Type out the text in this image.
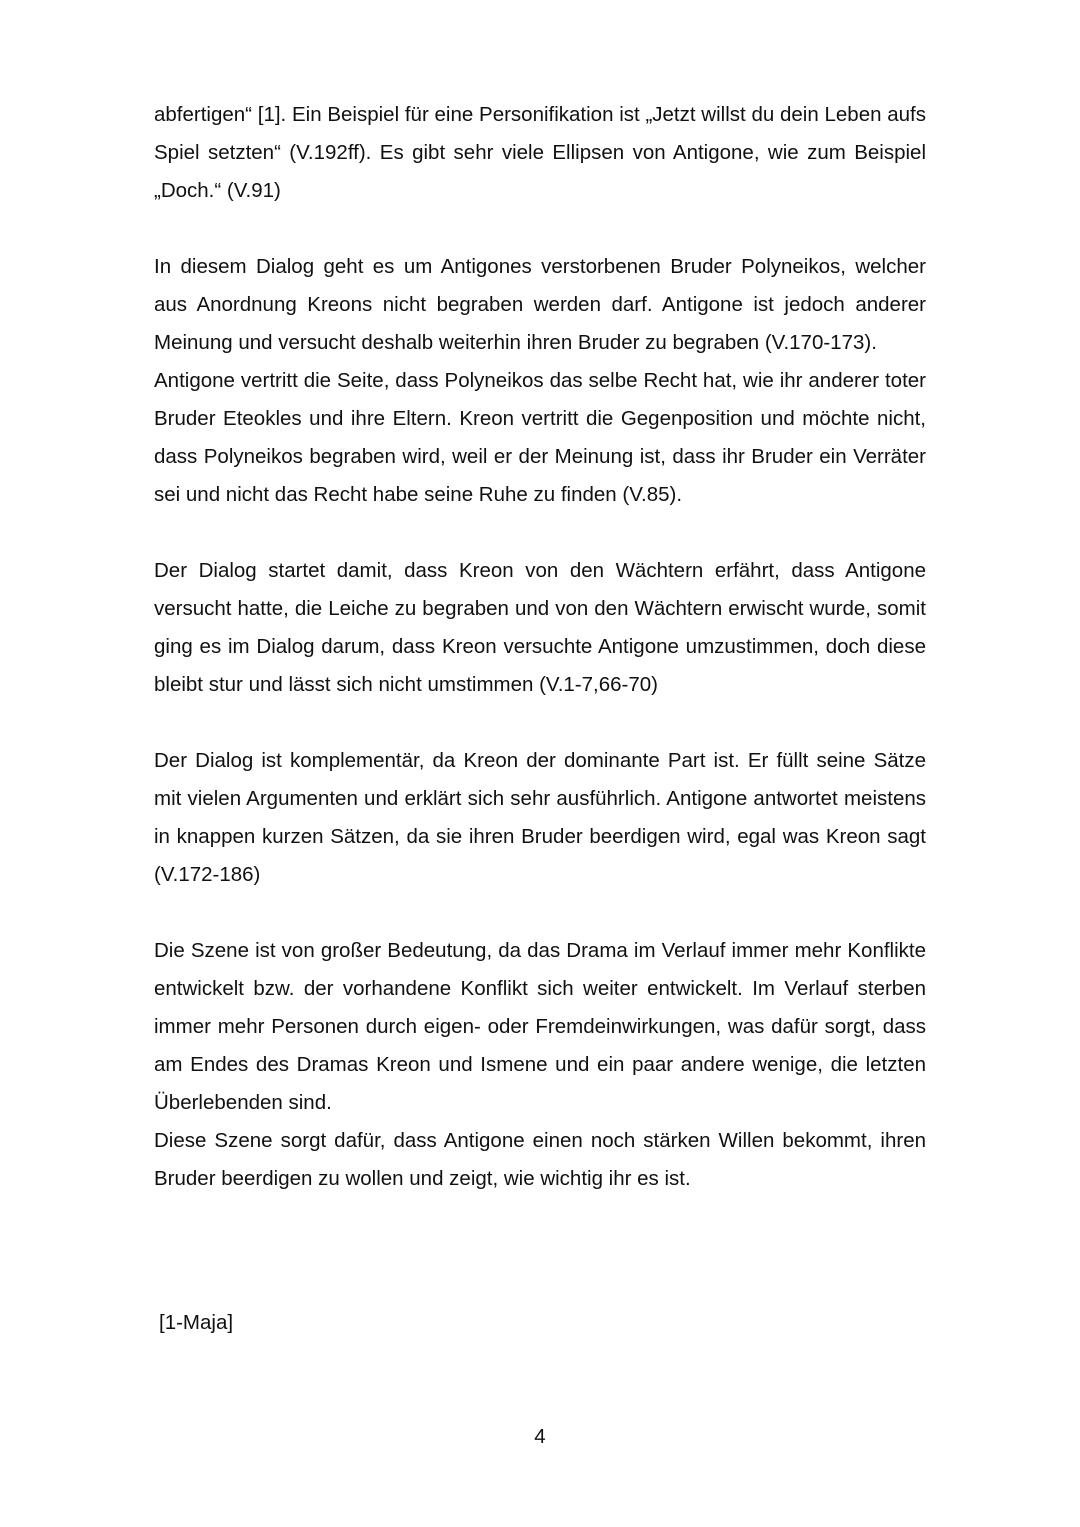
abfertigen“ [1]. Ein Beispiel für eine Personifikation ist „Jetzt willst du dein Leben aufs Spiel setzten“ (V.192ff). Es gibt sehr viele Ellipsen von Antigone, wie zum Beispiel „Doch.“ (V.91)

In diesem Dialog geht es um Antigones verstorbenen Bruder Polyneikos, welcher aus Anordnung Kreons nicht begraben werden darf. Antigone ist jedoch anderer Meinung und versucht deshalb weiterhin ihren Bruder zu begraben (V.170-173).

Antigone vertritt die Seite, dass Polyneikos das selbe Recht hat, wie ihr anderer toter Bruder Eteokles und ihre Eltern. Kreon vertritt die Gegenposition und möchte nicht, dass Polyneikos begraben wird, weil er der Meinung ist, dass ihr Bruder ein Verräter sei und nicht das Recht habe seine Ruhe zu finden (V.85).

Der Dialog startet damit, dass Kreon von den Wächtern erfährt, dass Antigone versucht hatte, die Leiche zu begraben und von den Wächtern erwischt wurde, somit ging es im Dialog darum, dass Kreon versuchte Antigone umzustimmen, doch diese bleibt stur und lässt sich nicht umstimmen (V.1-7,66-70)

Der Dialog ist komplementär, da Kreon der dominante Part ist. Er füllt seine Sätze mit vielen Argumenten und erklärt sich sehr ausführlich. Antigone antwortet meistens in knappen kurzen Sätzen, da sie ihren Bruder beerdigen wird, egal was Kreon sagt (V.172-186)

Die Szene ist von großer Bedeutung, da das Drama im Verlauf immer mehr Konflikte entwickelt bzw. der vorhandene Konflikt sich weiter entwickelt. Im Verlauf sterben immer mehr Personen durch eigen- oder Fremdeinwirkungen, was dafür sorgt, dass am Endes des Dramas Kreon und Ismene und ein paar andere wenige, die letzten Überlebenden sind.

Diese Szene sorgt dafür, dass Antigone einen noch stärken Willen bekommt, ihren Bruder beerdigen zu wollen und zeigt, wie wichtig ihr es ist.

[1-Maja]

4
